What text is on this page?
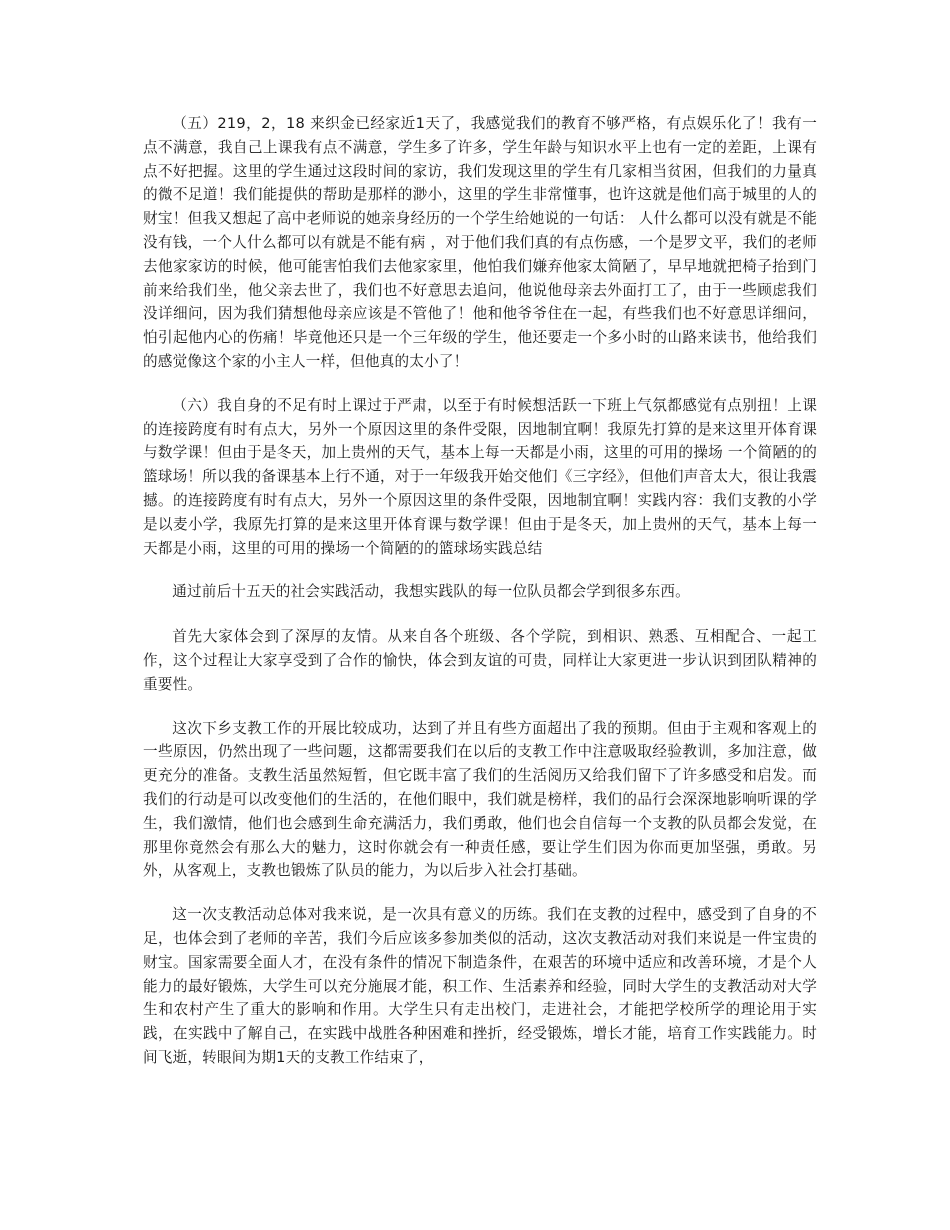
（五）219，2，18 来织金已经家近1天了，我感觉我们的教育不够严格，有点娱乐化了！我有一点不满意，我自己上课我有点不满意，学生多了许多，学生年龄与知识水平上也有一定的差距，上课有点不好把握。这里的学生通过这段时间的家访，我们发现这里的学生有几家相当贫困，但我们的力量真的微不足道！我们能提供的帮助是那样的渺小，这里的学生非常懂事，也许这就是他们高于城里的人的财宝！但我又想起了高中老师说的她亲身经历的一个学生给她说的一句话： 人什么都可以没有就是不能没有钱，一个人什么都可以有就是不能有病 ，对于他们我们真的有点伤感，一个是罗文平，我们的老师去他家家访的时候，他可能害怕我们去他家家里，他怕我们嫌弃他家太简陋了，早早地就把椅子抬到门前来给我们坐，他父亲去世了，我们也不好意思去追问，他说他母亲去外面打工了，由于一些顾虑我们没详细问，因为我们猜想他母亲应该是不管他了！他和他爷爷住在一起，有些我们也不好意思详细问，怕引起他内心的伤痛！毕竟他还只是一个三年级的学生，他还要走一个多小时的山路来读书，他给我们的感觉像这个家的小主人一样，但他真的太小了！

（六）我自身的不足有时上课过于严肃，以至于有时候想活跃一下班上气氛都感觉有点别扭！上课的连接跨度有时有点大，另外一个原因这里的条件受限，因地制宜啊！我原先打算的是来这里开体育课与数学课！但由于是冬天，加上贵州的天气，基本上每一天都是小雨，这里的可用的操场 一个简陋的的篮球场！所以我的备课基本上行不通，对于一年级我开始交他们《三字经》，但他们声音太大，很让我震撼。的连接跨度有时有点大，另外一个原因这里的条件受限，因地制宜啊！实践内容：我们支教的小学是以麦小学，我原先打算的是来这里开体育课与数学课！但由于是冬天，加上贵州的天气，基本上每一天都是小雨，这里的可用的操场一个简陋的的篮球场实践总结

通过前后十五天的社会实践活动，我想实践队的每一位队员都会学到很多东西。

首先大家体会到了深厚的友情。从来自各个班级、各个学院，到相识、熟悉、互相配合、一起工作，这个过程让大家享受到了合作的愉快，体会到友谊的可贵，同样让大家更进一步认识到团队精神的重要性。

这次下乡支教工作的开展比较成功，达到了并且有些方面超出了我的预期。但由于主观和客观上的一些原因，仍然出现了一些问题，这都需要我们在以后的支教工作中注意吸取经验教训，多加注意，做更充分的准备。支教生活虽然短暂，但它既丰富了我们的生活阅历又给我们留下了许多感受和启发。而我们的行动是可以改变他们的生活的，在他们眼中，我们就是榜样，我们的品行会深深地影响听课的学生，我们激情，他们也会感到生命充满活力，我们勇敢，他们也会自信每一个支教的队员都会发觉，在那里你竟然会有那么大的魅力，这时你就会有一种责任感，要让学生们因为你而更加坚强，勇敢。另外，从客观上，支教也锻炼了队员的能力，为以后步入社会打基础。

这一次支教活动总体对我来说，是一次具有意义的历练。我们在支教的过程中，感受到了自身的不足，也体会到了老师的辛苦，我们今后应该多参加类似的活动，这次支教活动对我们来说是一件宝贵的财宝。国家需要全面人才，在没有条件的情况下制造条件，在艰苦的环境中适应和改善环境，才是个人能力的最好锻炼，大学生可以充分施展才能，积工作、生活素养和经验，同时大学生的支教活动对大学生和农村产生了重大的影响和作用。大学生只有走出校门，走进社会，才能把学校所学的理论用于实践，在实践中了解自己，在实践中战胜各种困难和挫折，经受锻炼，增长才能，培育工作实践能力。时间飞逝，转眼间为期1天的支教工作结束了，
